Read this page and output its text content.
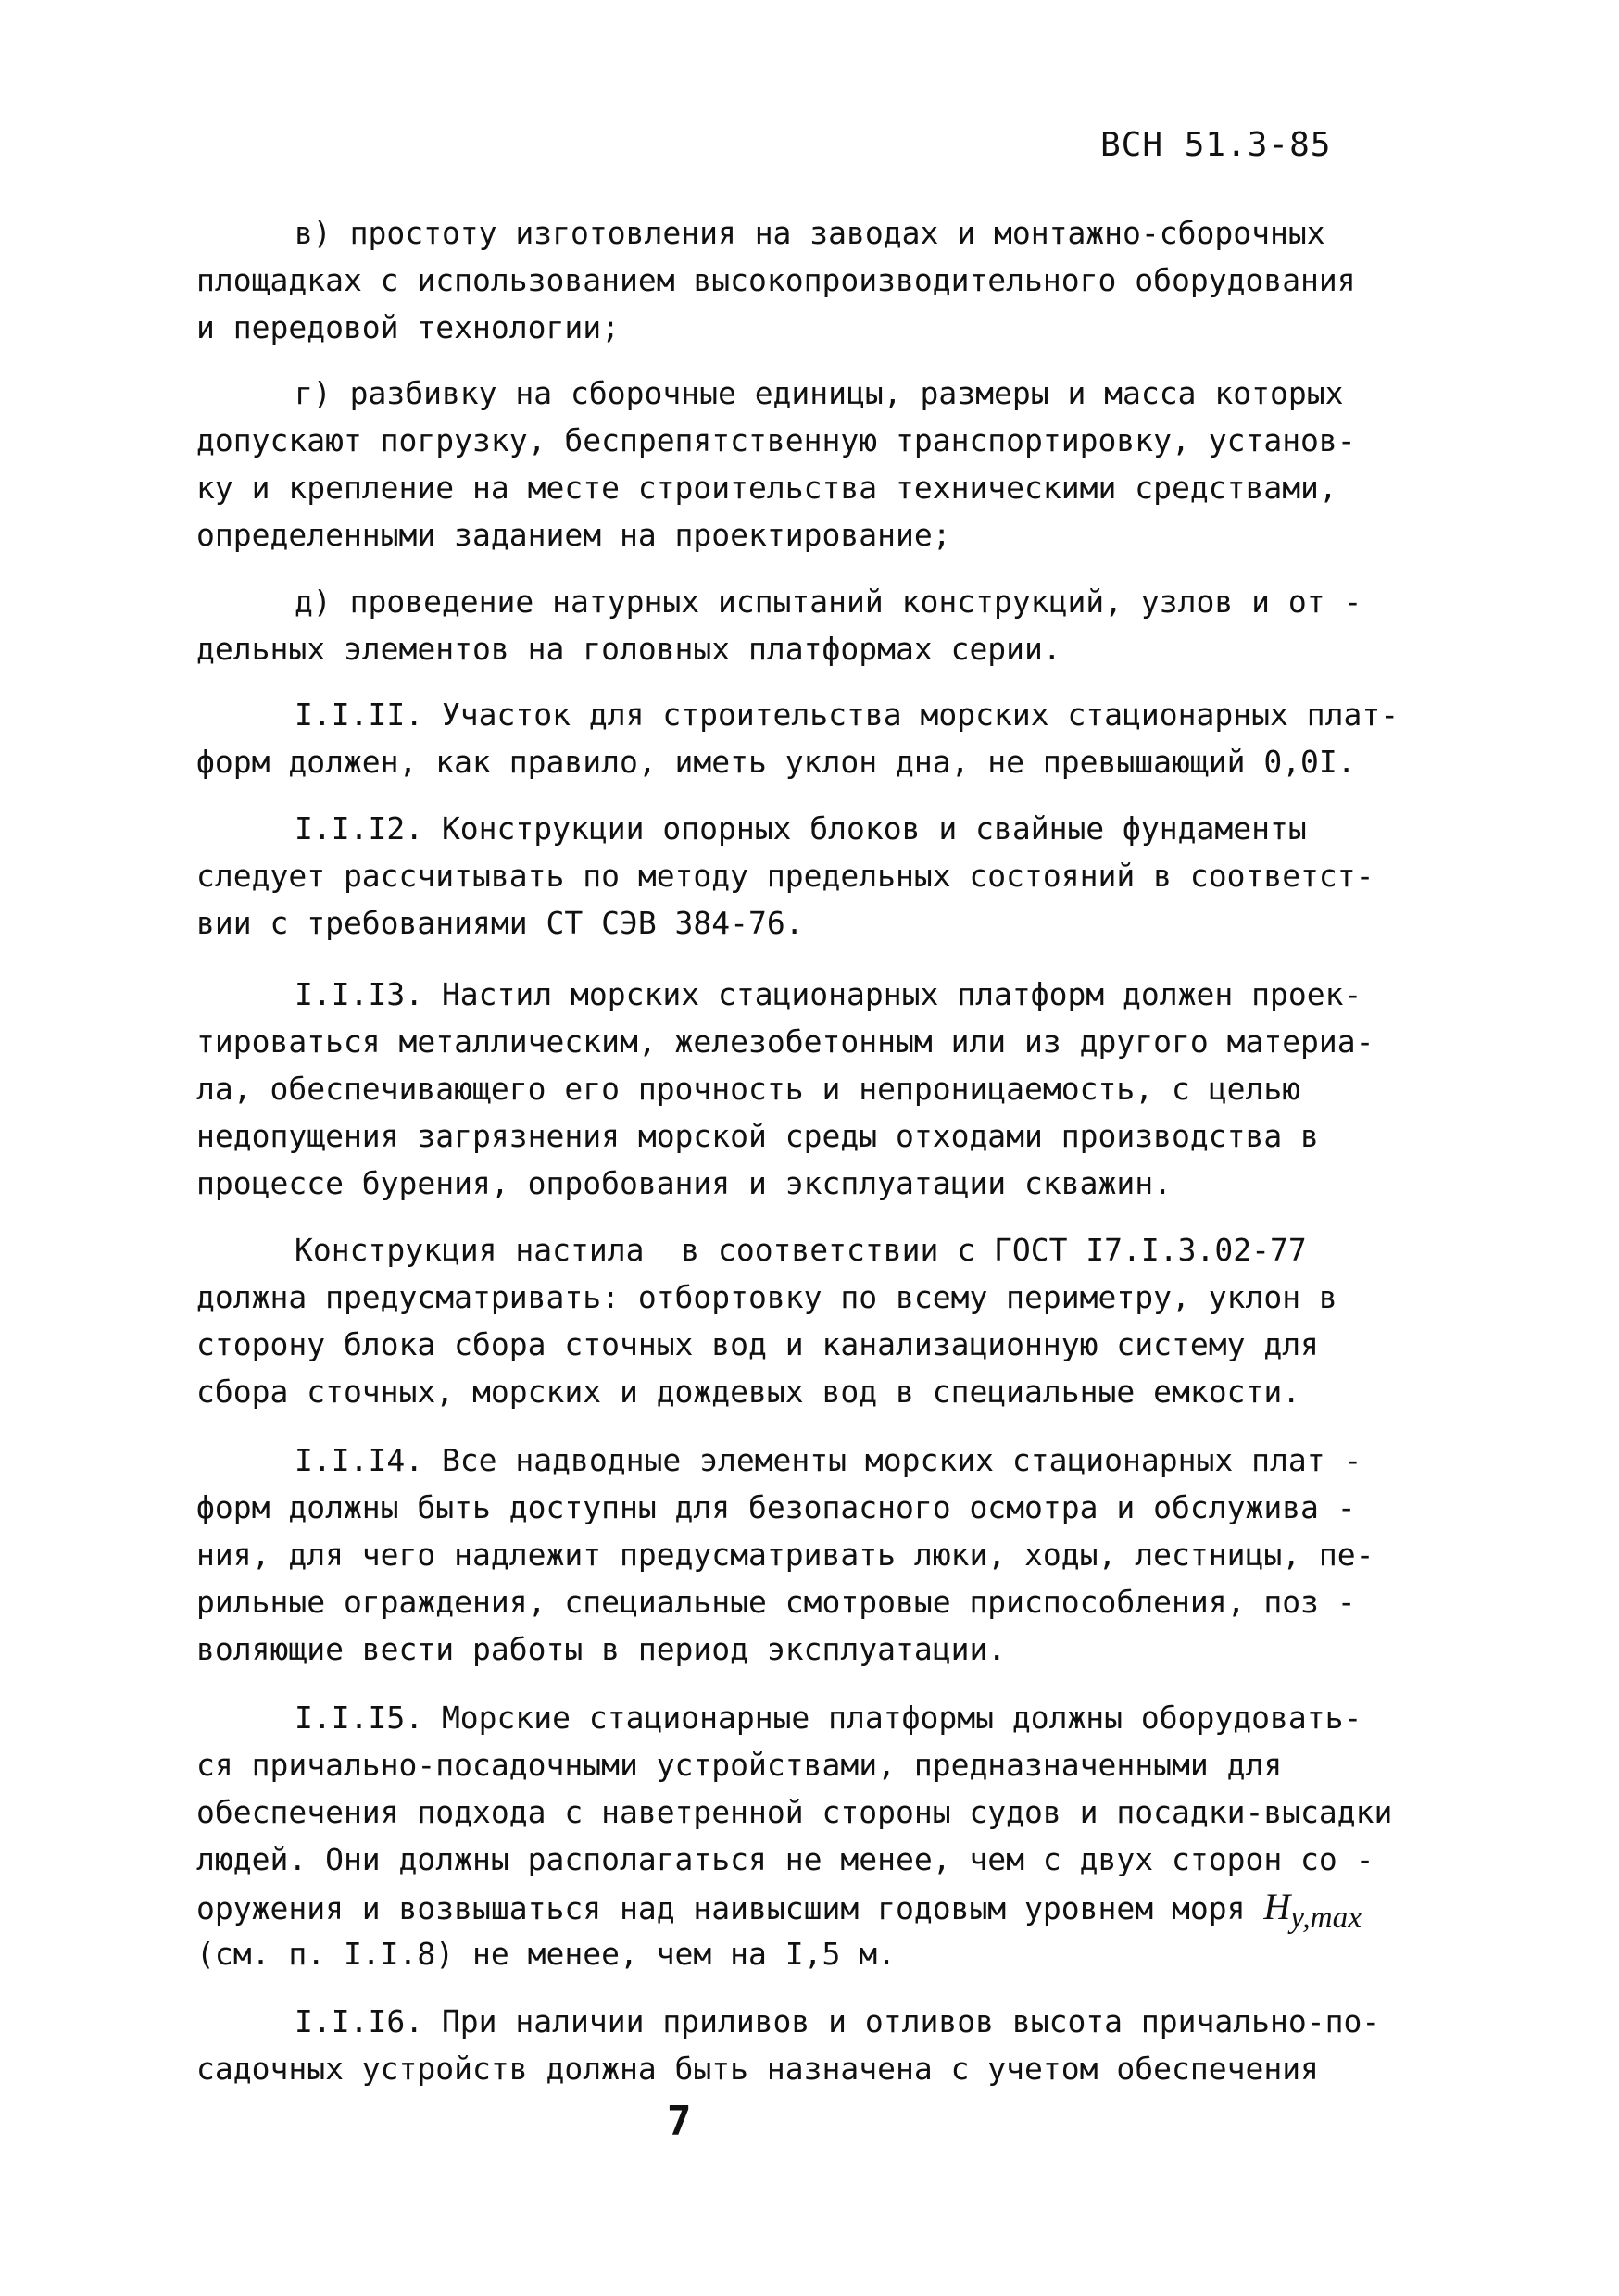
ВСН 51.3-85
в) простоту изготовления на заводах и монтажно-сборочных
площадках с использованием высокопроизводительного оборудования
и передовой технологии;
г) разбивку на сборочные единицы, размеры и масса которых
допускают погрузку, беспрепятственную транспортировку, установ-
ку и крепление на месте строительства техническими средствами,
определенными заданием на проектирование;
д) проведение натурных испытаний конструкций, узлов и от -
дельных элементов на головных платформах серии.
I.I.II. Участок для строительства морских стационарных плат-
форм должен, как правило, иметь уклон дна, не превышающий 0,0I.
I.I.I2. Конструкции опорных блоков и свайные фундаменты
следует рассчитывать по методу предельных состояний в соответст-
вии с требованиями СТ СЭВ 384-76.
I.I.I3. Настил морских стационарных платформ должен проек-
тироваться металлическим, железобетонным или из другого материа-
ла, обеспечивающего его прочность и непроницаемость, с целью
недопущения загрязнения морской среды отходами производства в
процессе бурения, опробования и эксплуатации скважин.
Конструкция настила  в соответствии с ГОСТ I7.I.3.02-77
должна предусматривать: отбортовку по всему периметру, уклон в
сторону блока сбора сточных вод и канализационную систему для
сбора сточных, морских и дождевых вод в специальные емкости.
I.I.I4. Все надводные элементы морских стационарных плат -
форм должны быть доступны для безопасного осмотра и обслужива -
ния, для чего надлежит предусматривать люки, ходы, лестницы, пе-
рильные ограждения, специальные смотровые приспособления, поз -
воляющие вести работы в период эксплуатации.
I.I.I5. Морские стационарные платформы должны оборудовать-
ся причально-посадочными устройствами, предназначенными для
обеспечения подхода с наветренной стороны судов и посадки-высадки
людей. Они должны располагаться не менее, чем с двух сторон со -
оружения и возвышаться над наивысшим годовым уровнем моря $H_{y,max}$
(см. п. I.I.8) не менее, чем на I,5 м.
I.I.I6. При наличии приливов и отливов высота причально-по-
садочных устройств должна быть назначена с учетом обеспечения
7
